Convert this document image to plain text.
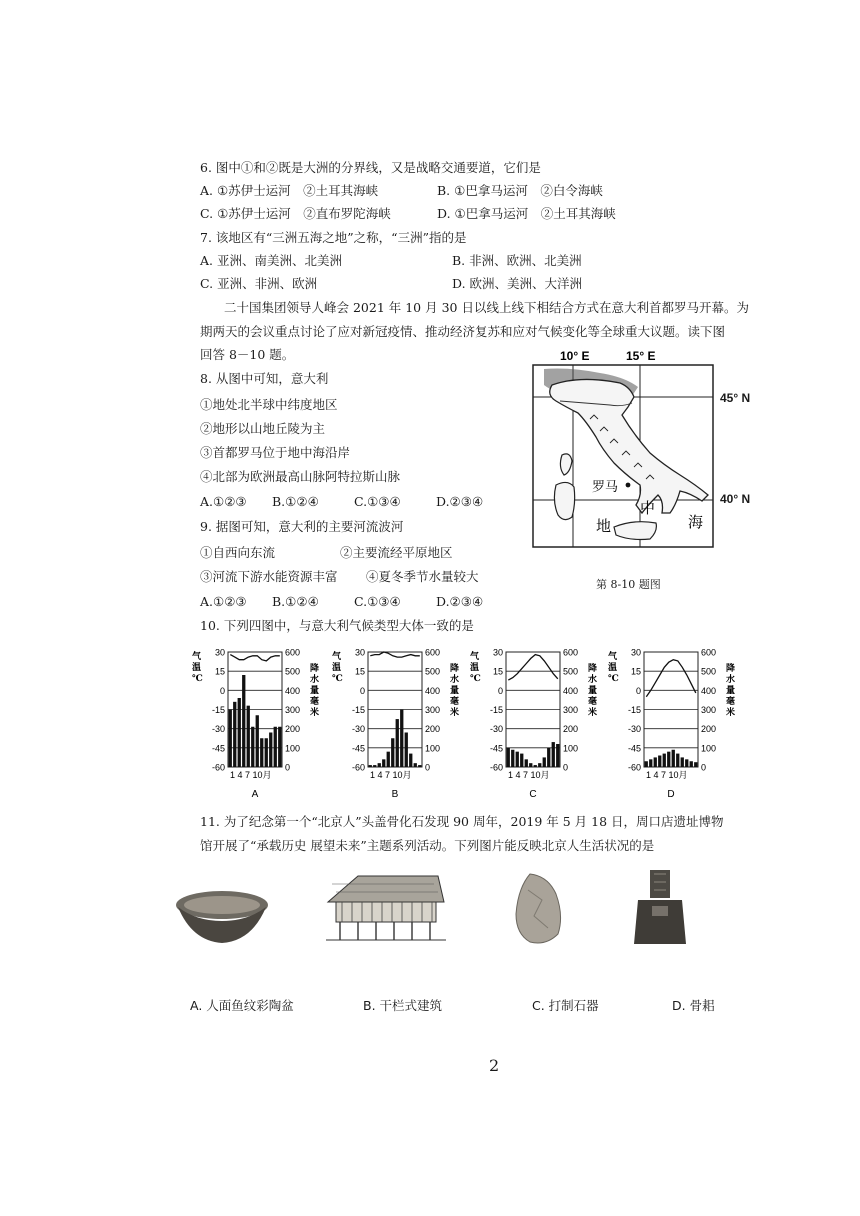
6. 图中①和②既是大洲的分界线，又是战略交通要道，它们是
A. ①苏伊士运河　②土耳其海峡	B. ①巴拿马运河　②白令海峡
C. ①苏伊士运河　②直布罗陀海峡	D. ①巴拿马运河　②土耳其海峡
7. 该地区有“三洲五海之地”之称，“三洲”指的是
A. 亚洲、南美洲、北美洲	B. 非洲、欧洲、北美洲
C. 亚洲、非洲、欧洲	D. 欧洲、美洲、大洋洲
二十国集团领导人峰会 2021 年 10 月 30 日以线上线下相结合方式在意大利首都罗马开幕。为
期两天的会议重点讨论了应对新冠疫情、推动经济复苏和应对气候变化等全球重大议题。读下图
回答 8－10 题。
8. 从图中可知，意大利
①地处北半球中纬度地区
②地形以山地丘陵为主
③首都罗马位于地中海沿岸
④北部为欧洲最高山脉阿特拉斯山脉
A.①②③ B.①②④	C.①③④	D.②③④
9. 据图可知，意大利的主要河流波河
①自西向东流	②主要流经平原地区
③河流下游水能资源丰富 ④夏冬季节水量较大
A.①②③ B.①②④	C.①③④	D.②③④
10° E	15° E
罗马
地
中
海
45° N
40° N
第 8-10 题图
10. 下列四图中，与意大利气候类型大体一致的是
气
温
℃
降
水
量
毫
米
30	600
15	500
0	400
-15	300
-30	200
-45	100
-60	0
1 4 7 10月
A
气
温
℃
降
水
量
毫
米
30	600
15	500
0	400
-15	300
-30	200
-45	100
-60	0
1 4 7 10月
B
气
温
℃
降
水
量
毫
米
30	600
15	500
0	400
-15	300
-30	200
-45	100
-60	0
1 4 7 10月
C
气
温
℃
降
水
量
毫
米
30	600
15	500
0	400
-15	300
-30	200
-45	100
-60	0
1 4 7 10月
D
11. 为了纪念第一个“北京人”头盖骨化石发现 90 周年，2019 年 5 月 18 日，周口店遗址博物
馆开展了“承载历史 展望未来”主题系列活动。下列图片能反映北京人生活状况的是
A. 人面鱼纹彩陶盆	B. 干栏式建筑	C. 打制石器	D. 骨耜
2
